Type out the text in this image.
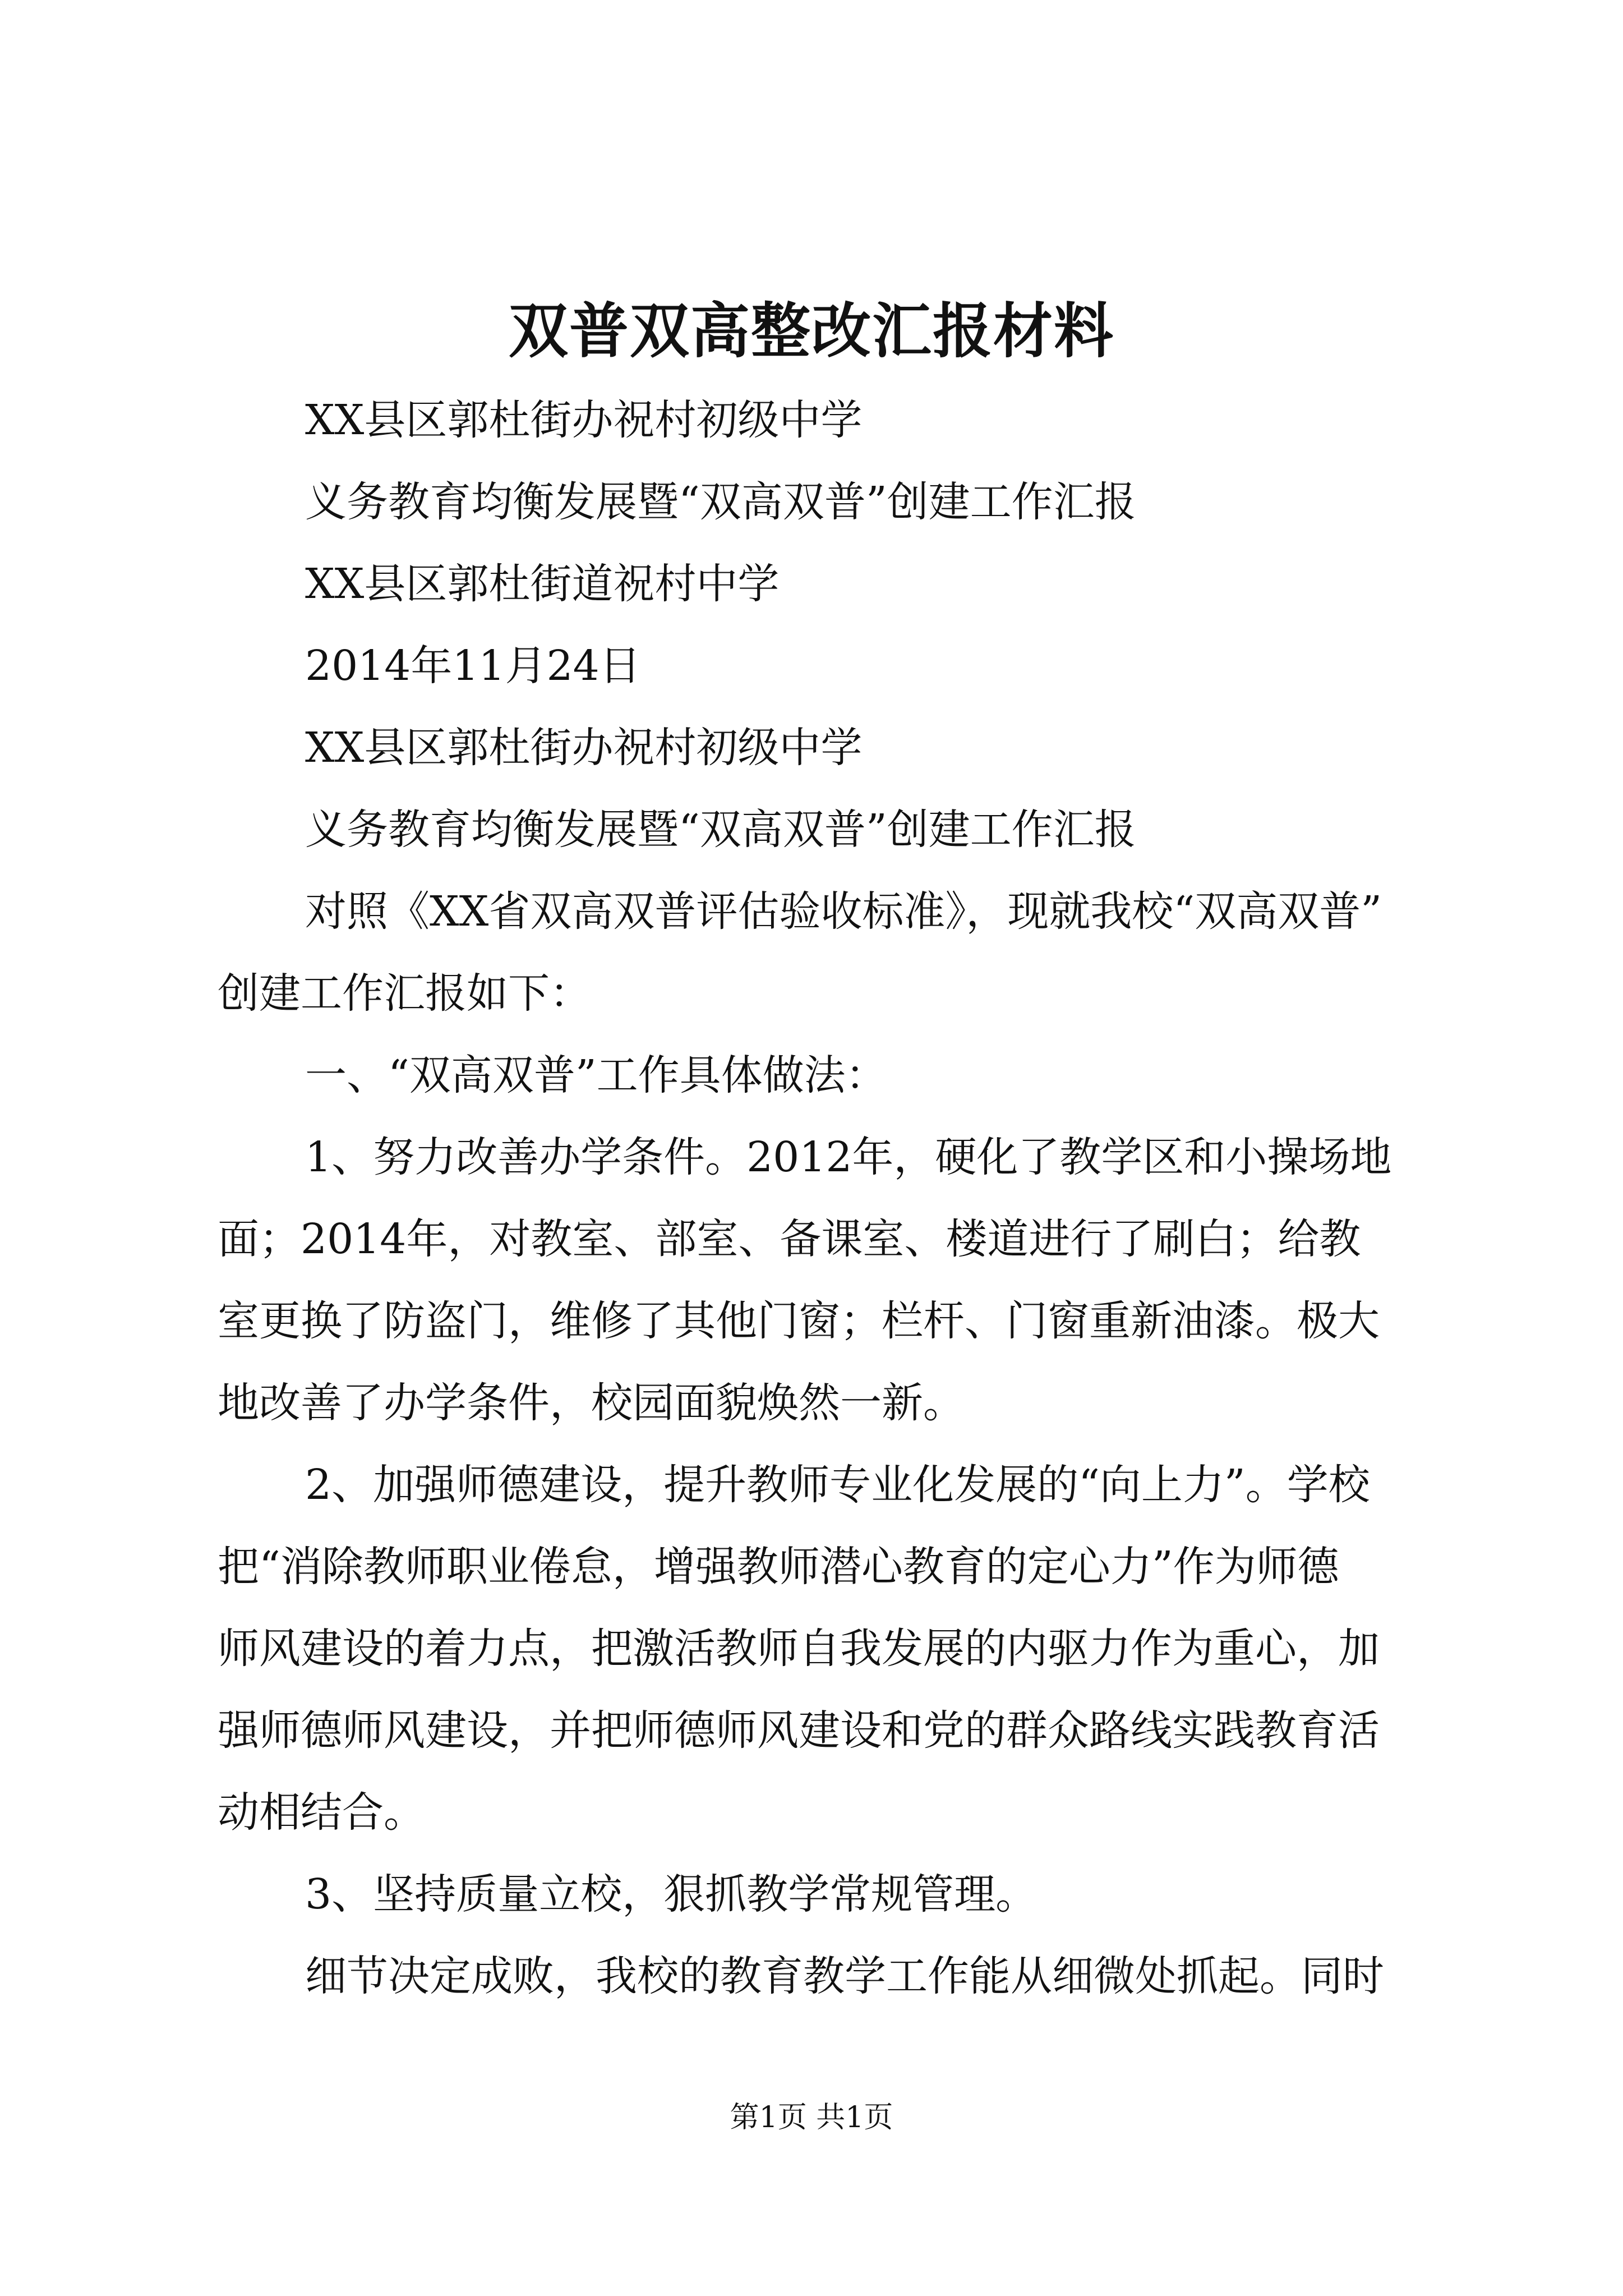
双普双高整改汇报材料
XX县区郭杜街办祝村初级中学
义务教育均衡发展暨“双高双普”创建工作汇报
XX县区郭杜街道祝村中学
2014年11月24日
XX县区郭杜街办祝村初级中学
义务教育均衡发展暨“双高双普”创建工作汇报
对照《XX省双高双普评估验收标准》，现就我校“双高双普”
创建工作汇报如下：
一、“双高双普”工作具体做法：
1、努力改善办学条件。2012年，硬化了教学区和小操场地
面；2014年，对教室、部室、备课室、楼道进行了刷白；给教
室更换了防盗门，维修了其他门窗；栏杆、门窗重新油漆。极大
地改善了办学条件，校园面貌焕然一新。
2、加强师德建设，提升教师专业化发展的“向上力”。学校
把“消除教师职业倦怠，增强教师潜心教育的定心力”作为师德
师风建设的着力点，把激活教师自我发展的内驱力作为重心，加
强师德师风建设，并把师德师风建设和党的群众路线实践教育活
动相结合。
3、坚持质量立校，狠抓教学常规管理。
细节决定成败，我校的教育教学工作能从细微处抓起。同时
第1页 共1页
